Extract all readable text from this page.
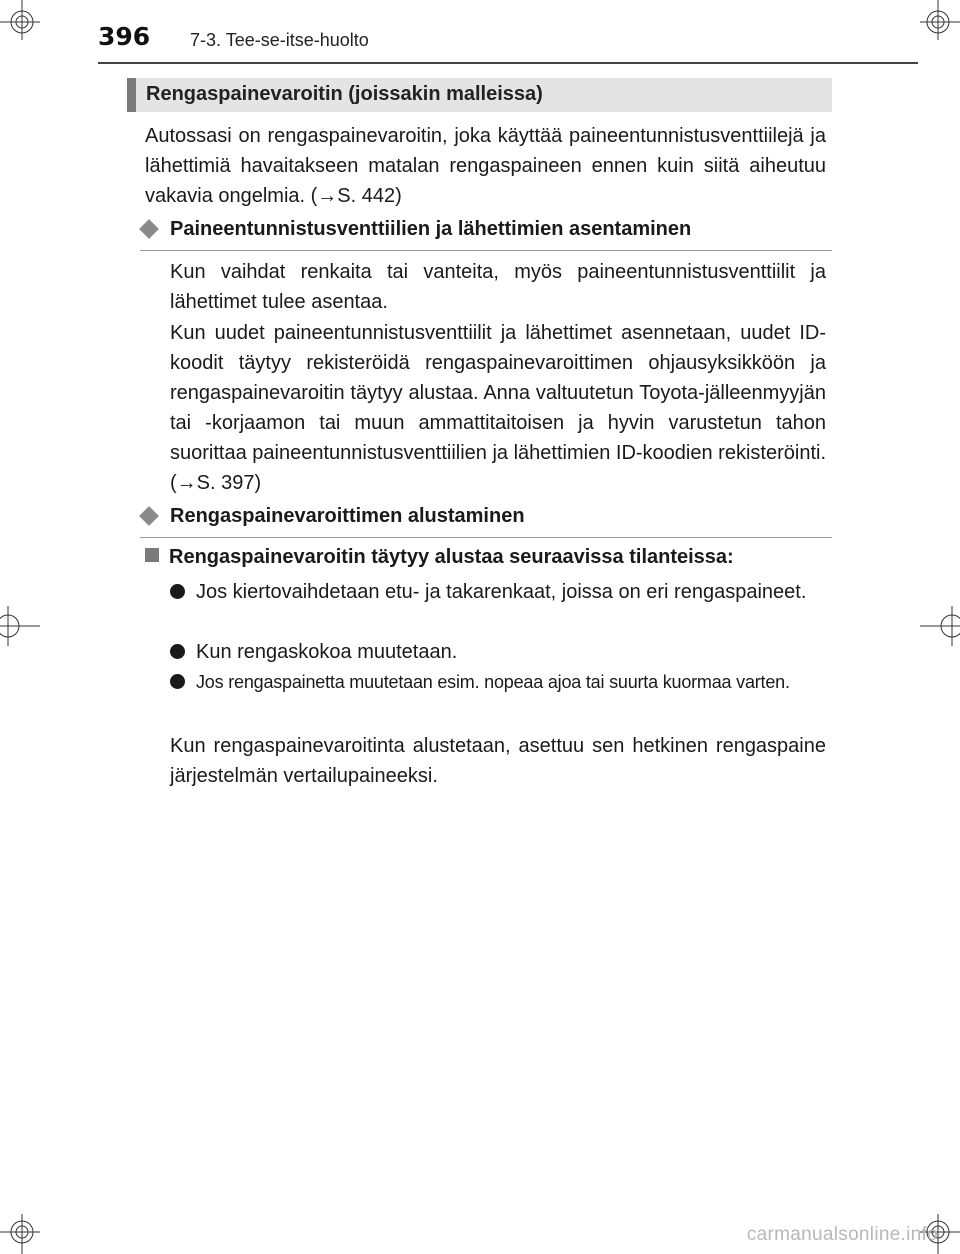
396 7-3. Tee-se-itse-huolto
Rengaspainevaroitin (joissakin malleissa)

Autossasi on rengaspainevaroitin, joka käyttää paineentunnistusventtiilejä ja lähettimiä havaitakseen matalan rengaspaineen ennen kuin siitä aiheutuu vakavia ongelmia. (→S. 442)

Paineentunnistusventtiilien ja lähettimien asentaminen

Kun vaihdat renkaita tai vanteita, myös paineentunnistusventtiilit ja lähettimet tulee asentaa.

Kun uudet paineentunnistusventtiilit ja lähettimet asennetaan, uudet ID-koodit täytyy rekisteröidä rengaspainevaroittimen ohjausyksikköön ja rengaspainevaroitin täytyy alustaa. Anna valtuutetun Toyota-jälleenmyyjän tai -korjaamon tai muun ammattitaitoisen ja hyvin varustetun tahon suorittaa paineentunnistusventtiilien ja lähettimien ID-koodien rekisteröinti. (→S. 397)

Rengaspainevaroittimen alustaminen
Rengaspainevaroitin täytyy alustaa seuraavissa tilanteissa:

Jos kiertovaihdetaan etu- ja takarenkaat, joissa on eri rengaspaineet.

Kun rengaskokoa muutetaan.

Jos rengaspainetta muutetaan esim. nopeaa ajoa tai suurta kuormaa varten.

Kun rengaspainevaroitinta alustetaan, asettuu sen hetkinen rengaspaine järjestelmän vertailupaineeksi.

carmanualsonline.info
